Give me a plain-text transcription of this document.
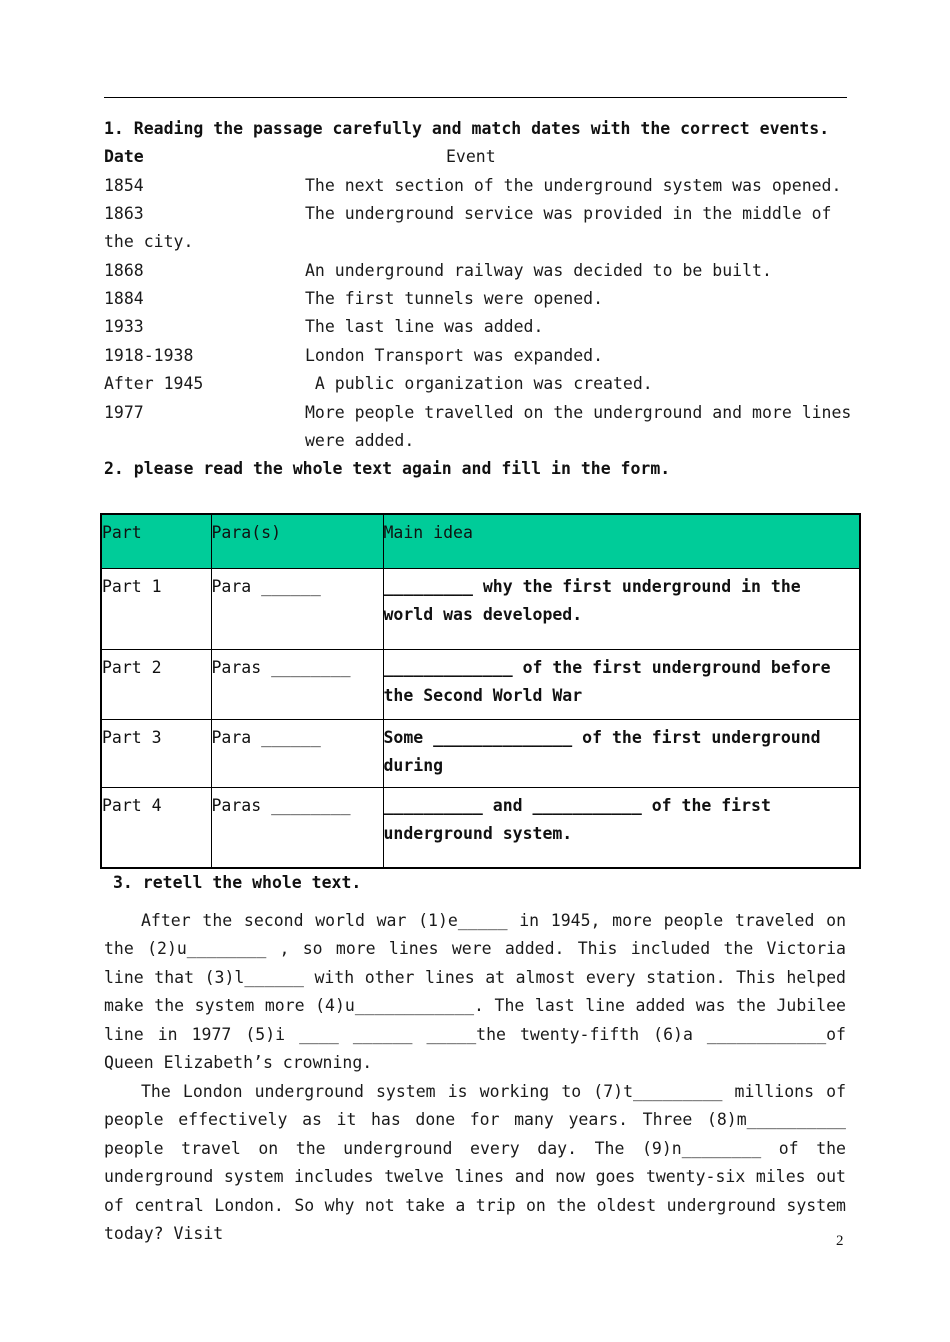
1. Reading the passage carefully and match dates with the correct events.
Date	Event
1854	The next section of the underground system was opened.
1863	The underground service was provided in the middle of
the city.
1868	An underground railway was decided to be built.
1884	The first tunnels were opened.
1933	The last line was added.
1918-1938	London Transport was expanded.
After 1945	A public organization was created.
1977	More people travelled on the underground and more lines
were added.
2. please read the whole text again and fill in the form.
Part	Para(s)	Main idea
Part 1	Para ______	_________ why the first underground in the world was developed.
Part 2	Paras ________	_____________ of the first underground before the Second World War
Part 3	Para ______	Some ______________ of the first underground during
Part 4	Paras ________	__________ and ___________ of the first underground system.
3. retell the whole text.
After the second world war (1)e_____ in 1945, more people traveled on the (2)u________ , so more lines were added. This included the Victoria line that (3)l______ with other lines at almost every station. This helped make the system more (4)u____________. The last line added was the Jubilee line in 1977 (5)i ____ ______ _____the twenty-fifth (6)a ____________of Queen Elizabeth’s crowning.
The London underground system is working to (7)t_________ millions of people effectively as it has done for many years. Three (8)m__________ people travel on the underground every day. The (9)n________ of the underground system includes twelve lines and now goes twenty-six miles out of central London. So why not take a trip on the oldest underground system today? Visit	2
